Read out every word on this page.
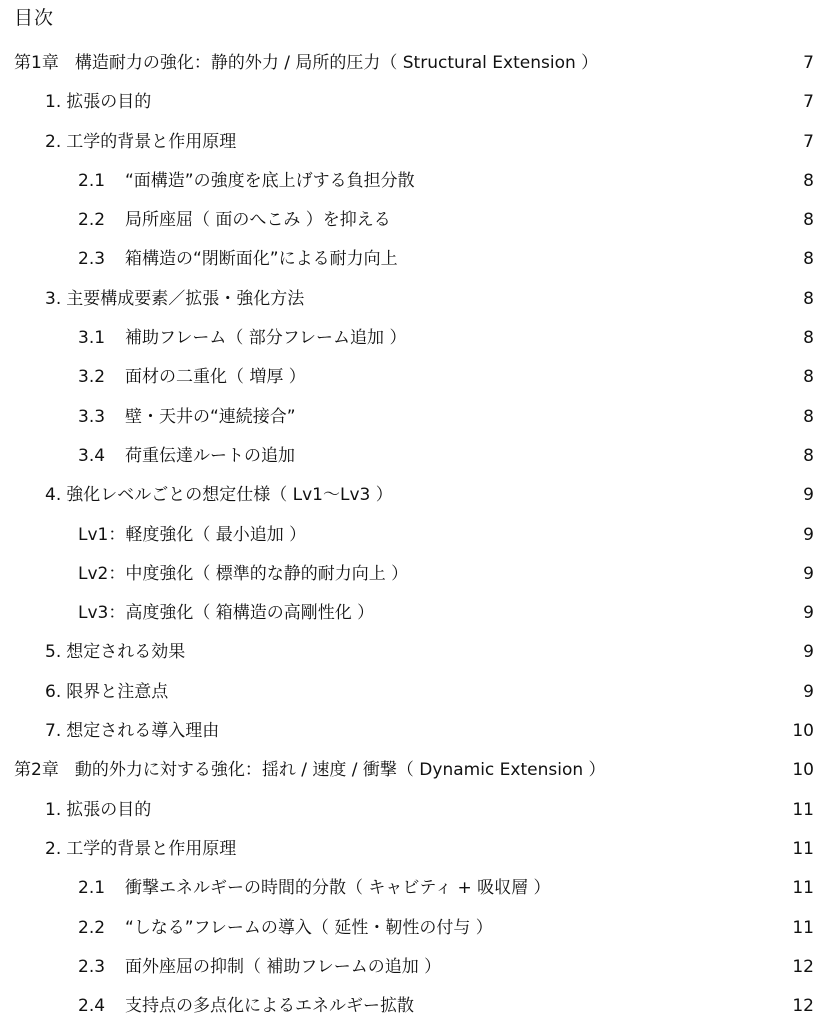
目次
第1章 構造耐力の強化：静的外力 / 局所的圧力（ Structural Extension ）	7
1. 拡張の目的	7
2. 工学的背景と作用原理	7
2.1 “面構造”の強度を底上げする負担分散	8
2.2 局所座屈（ 面のへこみ ）を抑える	8
2.3 箱構造の“閉断面化”による耐力向上	8
3. 主要構成要素／拡張・強化方法	8
3.1 補助フレーム（ 部分フレーム追加 ）	8
3.2 面材の二重化（ 増厚 ）	8
3.3 壁・天井の“連続接合”	8
3.4 荷重伝達ルートの追加	8
4. 強化レベルごとの想定仕様（ Lv1〜Lv3 ）	9
Lv1：軽度強化（ 最小追加 ）	9
Lv2：中度強化（ 標準的な静的耐力向上 ）	9
Lv3：高度強化（ 箱構造の高剛性化 ）	9
5. 想定される効果	9
6. 限界と注意点	9
7. 想定される導入理由	10
第2章 動的外力に対する強化：揺れ / 速度 / 衝撃（ Dynamic Extension ）	10
1. 拡張の目的	11
2. 工学的背景と作用原理	11
2.1 衝撃エネルギーの時間的分散（ キャビティ + 吸収層 ）	11
2.2 “しなる”フレームの導入（ 延性・靭性の付与 ）	11
2.3 面外座屈の抑制（ 補助フレームの追加 ）	12
2.4 支持点の多点化によるエネルギー拡散	12
